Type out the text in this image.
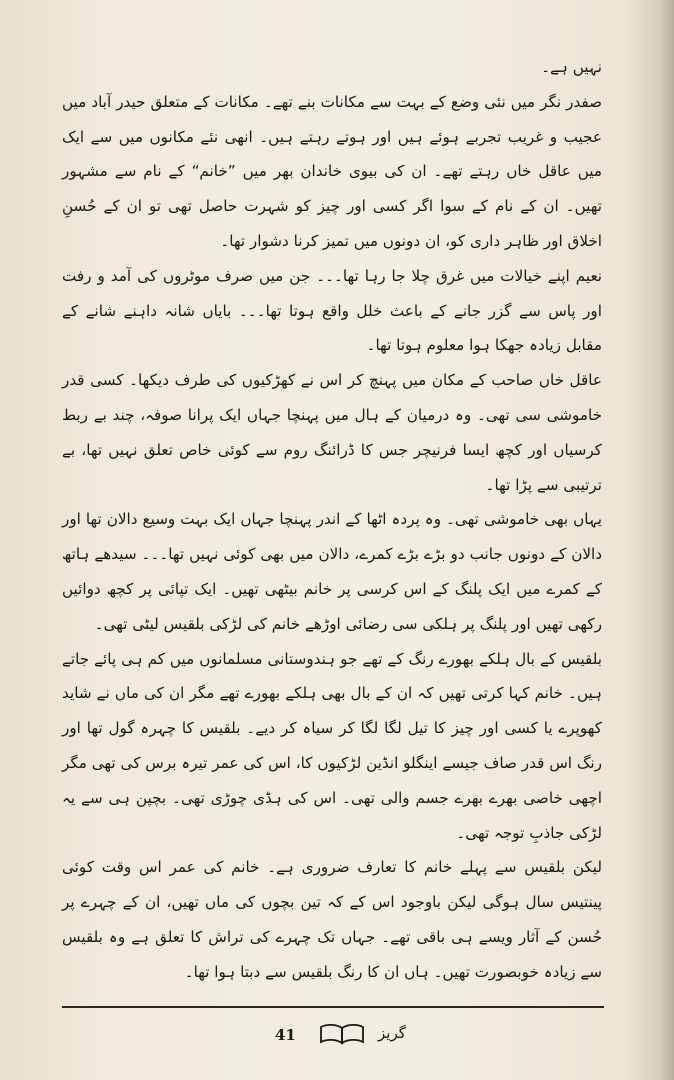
نہیں ہے۔

صفدر نگر میں نئی وضع کے بہت سے مکانات بنے تھے۔ مکانات کے متعلق حیدر آباد میں عجیب و غریب تجربے ہوئے ہیں اور ہوتے رہتے ہیں۔ انھی نئے مکانوں میں سے ایک میں عاقل خاں رہتے تھے۔ ان کی بیوی خاندان بھر میں ”خانم“ کے نام سے مشہور تھیں۔ ان کے نام کے سوا اگر کسی اور چیز کو شہرت حاصل تھی تو ان کے حُسنِ اخلاق اور ظاہر داری کو، ان دونوں میں تمیز کرنا دشوار تھا۔

نعیم اپنے خیالات میں غرق چلا جا رہا تھا۔۔۔ جن میں صرف موٹروں کی آمد و رفت اور پاس سے گزر جانے کے باعث خلل واقع ہوتا تھا۔۔۔ بایاں شانہ داہنے شانے کے مقابل زیادہ جھکا ہوا معلوم ہوتا تھا۔

عاقل خاں صاحب کے مکان میں پہنچ کر اس نے کھڑکیوں کی طرف دیکھا۔ کسی قدر خاموشی سی تھی۔ وہ درمیان کے ہال میں پہنچا جہاں ایک پرانا صوفہ، چند بے ربط کرسیاں اور کچھ ایسا فرنیچر جس کا ڈرائنگ روم سے کوئی خاص تعلق نہیں تھا، بے ترتیبی سے پڑا تھا۔

یہاں بھی خاموشی تھی۔ وہ پردہ اٹھا کے اندر پہنچا جہاں ایک بہت وسیع دالان تھا اور دالان کے دونوں جانب دو بڑے بڑے کمرے، دالان میں بھی کوئی نہیں تھا۔۔۔ سیدھے ہاتھ کے کمرے میں ایک پلنگ کے اس کرسی پر خانم بیٹھی تھیں۔ ایک تپائی پر کچھ دوائیں رکھی تھیں اور پلنگ پر ہلکی سی رضائی اوڑھے خانم کی لڑکی بلقیس لیٹی تھی۔

بلقیس کے بال ہلکے بھورے رنگ کے تھے جو ہندوستانی مسلمانوں میں کم ہی پائے جاتے ہیں۔ خانم کہا کرتی تھیں کہ ان کے بال بھی ہلکے بھورے تھے مگر ان کی ماں نے شاید کھوپرے یا کسی اور چیز کا تیل لگا لگا کر سیاہ کر دیے۔ بلقیس کا چہرہ گول تھا اور رنگ اس قدر صاف جیسے اینگلو انڈین لڑکیوں کا، اس کی عمر تیرہ برس کی تھی مگر اچھی خاصی بھرے بھرے جسم والی تھی۔ اس کی ہڈی چوڑی تھی۔ بچپن ہی سے یہ لڑکی جاذبِ توجہ تھی۔

لیکن بلقیس سے پہلے خانم کا تعارف ضروری ہے۔ خانم کی عمر اس وقت کوئی پینتیس سال ہوگی لیکن باوجود اس کے کہ تین بچوں کی ماں تھیں، ان کے چہرے پر حُسن کے آثار ویسے ہی باقی تھے۔ جہاں تک چہرے کی تراش کا تعلق ہے وہ بلقیس سے زیادہ خوبصورت تھیں۔ ہاں ان کا رنگ بلقیس سے دبتا ہوا تھا۔

41	گریز
